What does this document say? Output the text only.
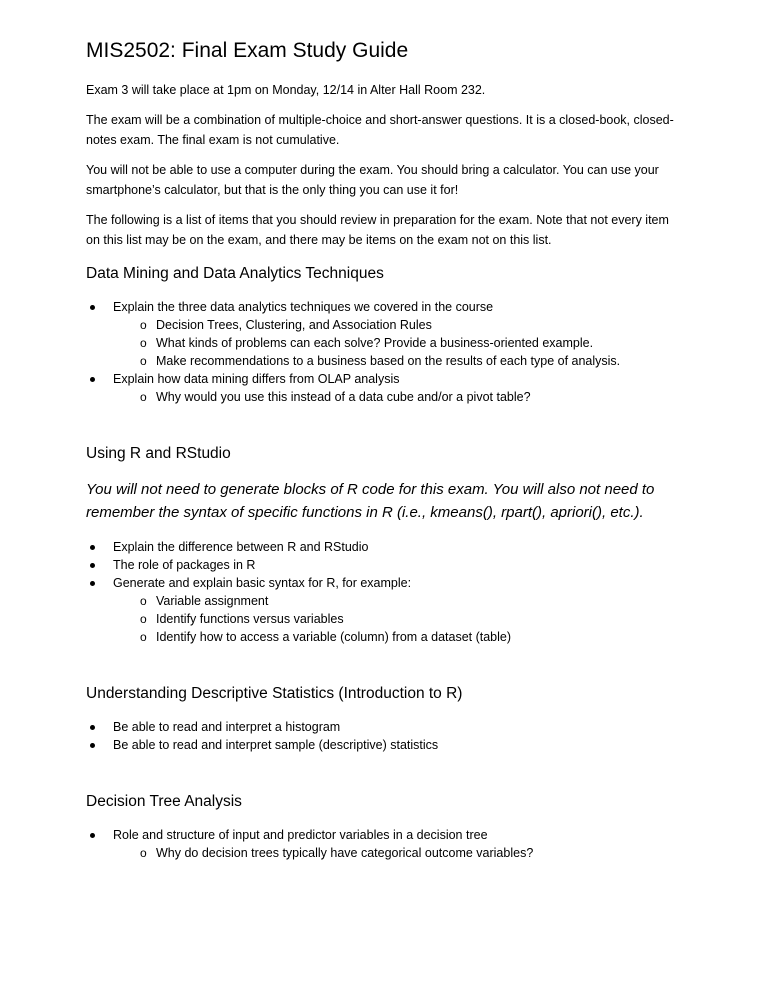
MIS2502: Final Exam Study Guide

Exam 3 will take place at 1pm on Monday, 12/14 in Alter Hall Room 232.

The exam will be a combination of multiple-choice and short-answer questions. It is a closed-book, closed-notes exam. The final exam is not cumulative.

You will not be able to use a computer during the exam. You should bring a calculator. You can use your smartphone’s calculator, but that is the only thing you can use it for!

The following is a list of items that you should review in preparation for the exam. Note that not every item on this list may be on the exam, and there may be items on the exam not on this list.

Data Mining and Data Analytics Techniques
Explain the three data analytics techniques we covered in the course
o Decision Trees, Clustering, and Association Rules
o What kinds of problems can each solve? Provide a business-oriented example.
o Make recommendations to a business based on the results of each type of analysis.
Explain how data mining differs from OLAP analysis
o Why would you use this instead of a data cube and/or a pivot table?
Using R and RStudio
You will not need to generate blocks of R code for this exam. You will also not need to remember the syntax of specific functions in R (i.e., kmeans(), rpart(), apriori(), etc.).
Explain the difference between R and RStudio
The role of packages in R
Generate and explain basic syntax for R, for example:
o Variable assignment
o Identify functions versus variables
o Identify how to access a variable (column) from a dataset (table)
Understanding Descriptive Statistics (Introduction to R)
Be able to read and interpret a histogram
Be able to read and interpret sample (descriptive) statistics
Decision Tree Analysis
Role and structure of input and predictor variables in a decision tree
o Why do decision trees typically have categorical outcome variables?
